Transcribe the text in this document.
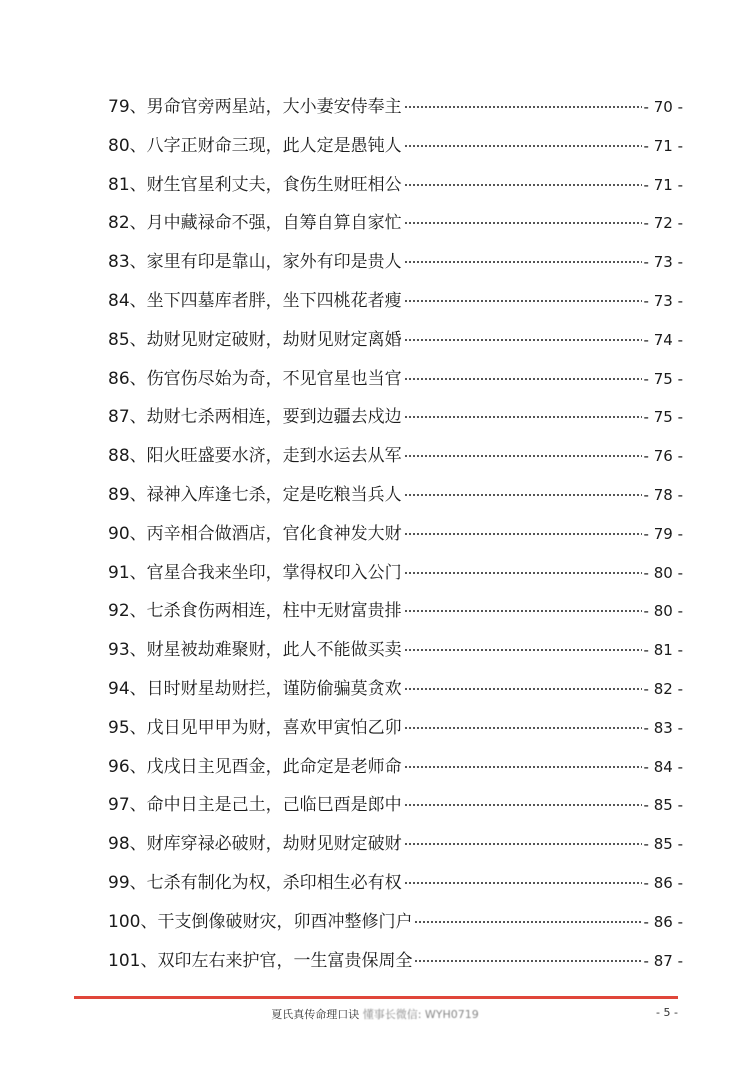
79、 男命官旁两星站，大小妻安侍奉主	- 70 -
80、 八字正财命三现，此人定是愚钝人	- 71 -
81、 财生官星利丈夫，食伤生财旺相公	- 71 -
82、 月中藏禄命不强，自筹自算自家忙	- 72 -
83、 家里有印是靠山，家外有印是贵人	- 73 -
84、 坐下四墓库者胖，坐下四桃花者瘦	- 73 -
85、 劫财见财定破财，劫财见财定离婚	- 74 -
86、 伤官伤尽始为奇，不见官星也当官	- 75 -
87、 劫财七杀两相连，要到边疆去戍边	- 75 -
88、 阳火旺盛要水济，走到水运去从军	- 76 -
89、 禄神入库逢七杀，定是吃粮当兵人	- 78 -
90、 丙辛相合做酒店，官化食神发大财	- 79 -
91、 官星合我来坐印，掌得权印入公门	- 80 -
92、 七杀食伤两相连，柱中无财富贵排	- 80 -
93、 财星被劫难聚财，此人不能做买卖	- 81 -
94、 日时财星劫财拦，谨防偷骗莫贪欢	- 82 -
95、 戊日见甲甲为财，喜欢甲寅怕乙卯	- 83 -
96、 戊戌日主见酉金，此命定是老师命	- 84 -
97、 命中日主是己土，己临巳酉是郎中	- 85 -
98、 财库穿禄必破财，劫财见财定破财	- 85 -
99、 七杀有制化为权，杀印相生必有权	- 86 -
100、 干支倒像破财灾，卯酉冲整修门户	- 86 -
101、 双印左右来护官，一生富贵保周全	- 87 -
夏氏真传命理口诀 懂事长微信: WYH0719	- 5 -
